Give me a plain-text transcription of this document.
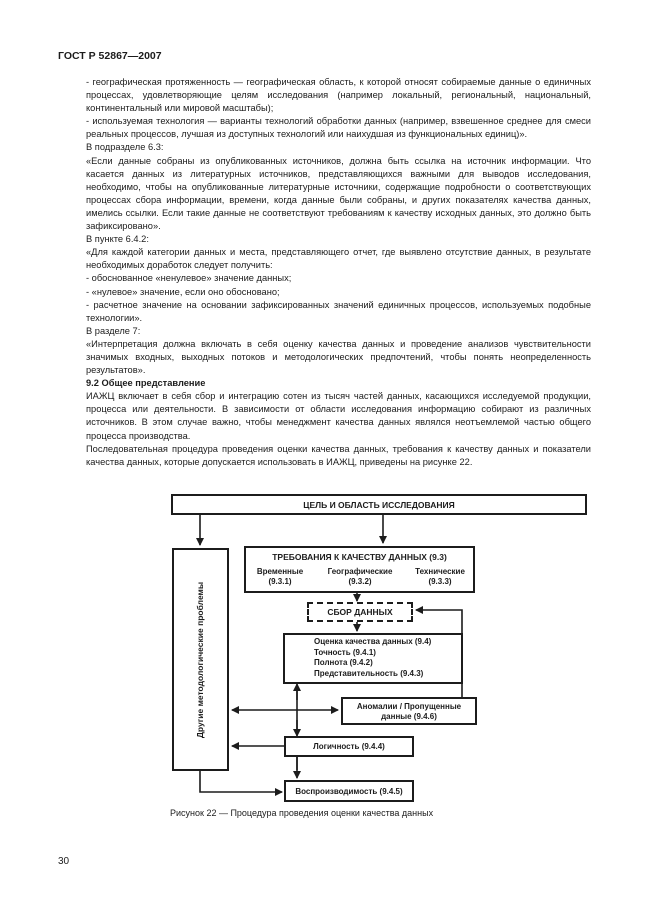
ГОСТ Р 52867—2007

- географическая протяженность — географическая область, к которой относят собираемые данные о единичных процессах, удовлетворяющие целям исследования (например локальный, региональный, национальный, континентальный или мировой масштабы);

- используемая технология — варианты технологий обработки данных (например, взвешенное среднее для смеси реальных процессов, лучшая из доступных технологий или наихудшая из функциональных единиц)».

В подразделе 6.3:

«Если данные собраны из опубликованных источников, должна быть ссылка на источник информации. Что касается данных из литературных источников, представляющихся важными для выводов исследования, необходимо, чтобы на опубликованные литературные источники, содержащие подробности о соответствующих процессах сбора информации, времени, когда данные были собраны, и других показателях качества данных, имелись ссылки. Если такие данные не соответствуют требованиям к качеству исходных данных, это должно быть зафиксировано».

В пункте 6.4.2:

«Для каждой категории данных и места, представляющего отчет, где выявлено отсутствие данных, в результате необходимых доработок следует получить:

- обоснованное «ненулевое» значение данных;

- «нулевое» значение, если оно обосновано;

- расчетное значение на основании зафиксированных значений единичных процессов, используемых подобные технологии».

В разделе 7:

«Интерпретация должна включать в себя оценку качества данных и проведение анализов чувствительности значимых входных, выходных потоков и методологических предпочтений, чтобы понять неопределенность результатов».

9.2 Общее представление

ИАЖЦ включает в себя сбор и интеграцию сотен из тысяч частей данных, касающихся исследуемой продукции, процесса или деятельности. В зависимости от области исследования информацию собирают из различных источников. В этом случае важно, чтобы менеджмент качества данных являлся неотъемлемой частью общего процесса производства.

Последовательная процедура проведения оценки качества данных, требования к качеству данных и показатели качества данных, которые допускается использовать в ИАЖЦ, приведены на рисунке 22.

ЦЕЛЬ И ОБЛАСТЬ ИССЛЕДОВАНИЯ
Другие методологические проблемы
ТРЕБОВАНИЯ К КАЧЕСТВУ ДАННЫХ (9.3)
Временные
(9.3.1)
Географические
(9.3.2)
Технические
(9.3.3)
СБОР ДАННЫХ
Оценка качества данных (9.4)
Точность (9.4.1)
Полнота (9.4.2)
Представительность (9.4.3)
Аномалии / Пропущенные данные (9.4.6)
Логичность (9.4.4)
Воспроизводимость (9.4.5)
Рисунок 22 — Процедура проведения оценки качества данных
30
